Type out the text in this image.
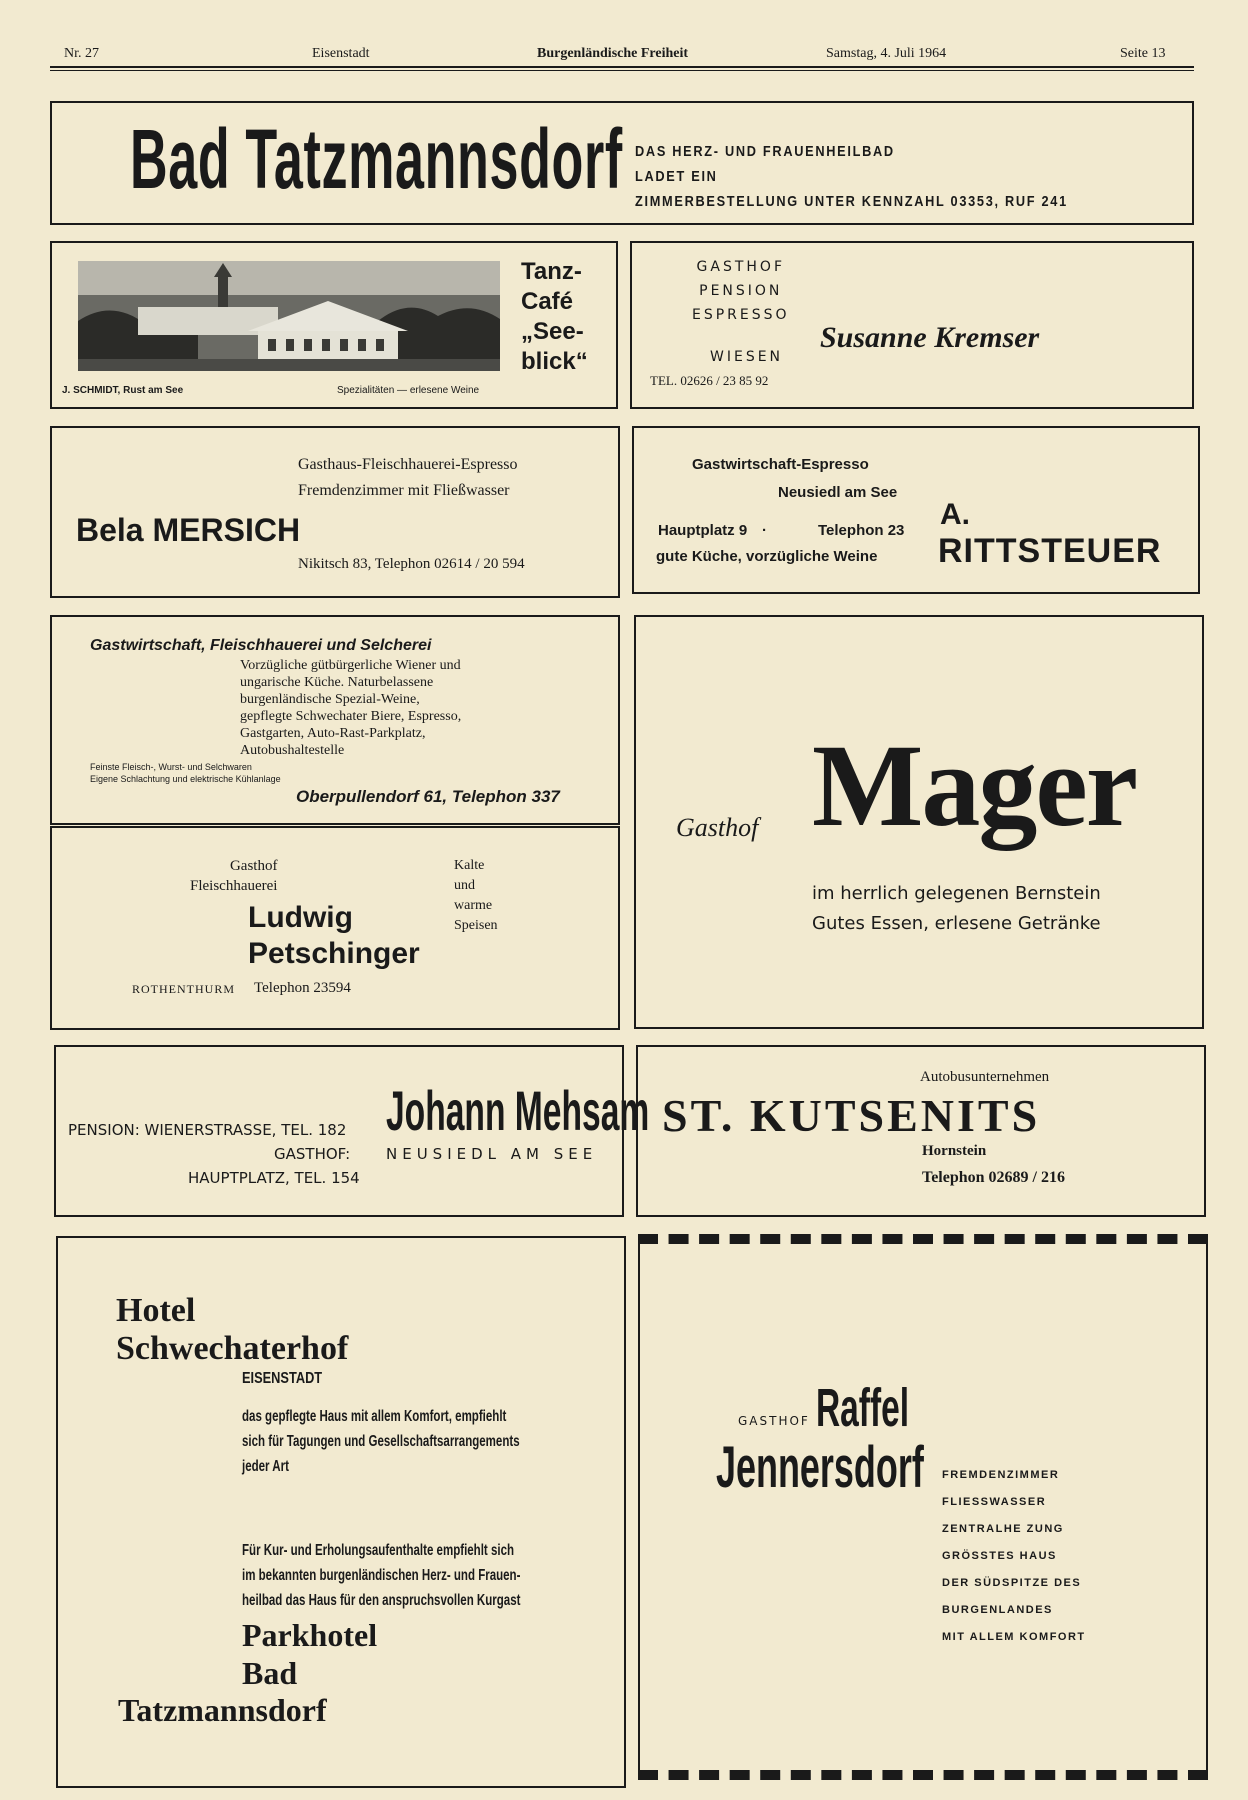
Nr. 27	Eisenstadt	Burgenländische Freiheit	Samstag, 4. Juli 1964	Seite 13
Bad Tatzmannsdorf DAS HERZ- UND FRAUENHEILBAD
LADET EIN
ZIMMERBESTELLUNG UNTER KENNZAHL 03353, RUF 241
Tanz-
Café
„See-
blick“
J. SCHMIDT, Rust am See	Spezialitäten — erlesene Weine
GASTHOF
PENSION
ESPRESSO
WIESEN
TEL. 02626 / 23 85 92
Susanne Kremser
Gasthaus-Fleischhauerei-Espresso
Fremdenzimmer mit Fließwasser
Bela MERSICH
Nikitsch 83, Telephon 02614 / 20 594
Gastwirtschaft-Espresso
Neusiedl am See
Hauptplatz 9 ·	Telephon 23
gute Küche, vorzügliche Weine
A.
RITTSTEUER
Gastwirtschaft, Fleischhauerei und Selcherei
Vorzügliche gütbürgerliche Wiener und
ungarische Küche. Naturbelassene
burgenländische Spezial-Weine,
gepflegte Schwechater Biere, Espresso,
Gastgarten, Auto-Rast-Parkplatz,
Autobushaltestelle
Feinste Fleisch-, Wurst- und Selchwaren
Eigene Schlachtung und elektrische Kühlanlage
Oberpullendorf 61, Telephon 337
Gasthof Mager
im herrlich gelegenen Bernstein
Gutes Essen, erlesene Getränke
Gasthof
Fleischhauerei
Ludwig
Petschinger
Kalte
und
warme
Speisen
ROTHENTHURM Telephon 23594
Johann Mehsam
PENSION: WIENERSTRASSE, TEL. 182
GASTHOF: NEUSIEDL AM SEE
HAUPTPLATZ, TEL. 154
Autobusunternehmen
ST. KUTSENITS
Hornstein
Telephon 02689 / 216
Hotel
Schwechaterhof
EISENSTADT
das gepflegte Haus mit allem Komfort, empfiehlt
sich für Tagungen und Gesellschaftsarrangements
jeder Art
Für Kur- und Erholungsaufenthalte empfiehlt sich
im bekannten burgenländischen Herz- und Frauen-
heilbad das Haus für den anspruchsvollen Kurgast
Parkhotel
Bad
Tatzmannsdorf
GASTHOF Raffel
Jennersdorf	FREMDENZIMMER
FLIESSWASSER
ZENTRALHE ZUNG
GRÖSSTES HAUS
DER SÜDSPITZE DES
BURGENLANDES
MIT ALLEM KOMFORT
